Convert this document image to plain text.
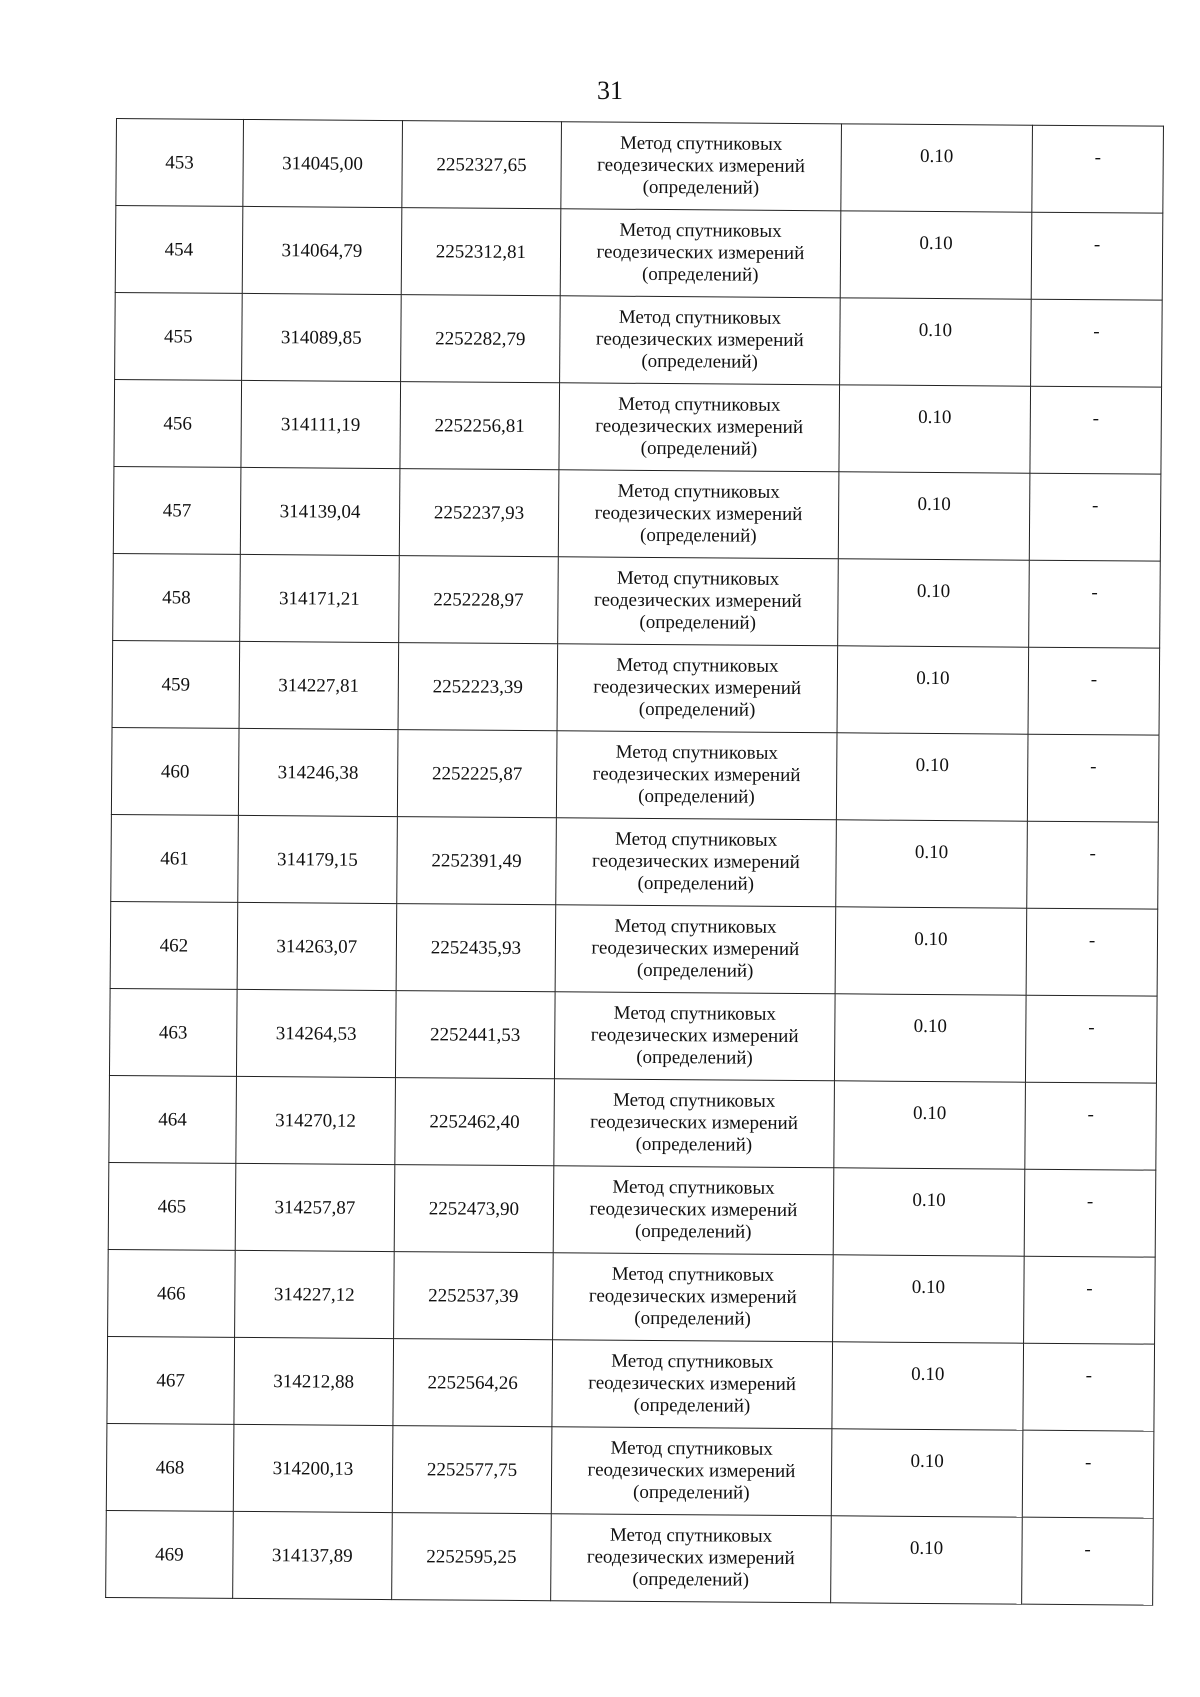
31
453	314045,00	2252327,65	Метод спутниковых
геодезических измерений
(определений)	0.10	-
454	314064,79	2252312,81	Метод спутниковых
геодезических измерений
(определений)	0.10	-
455	314089,85	2252282,79	Метод спутниковых
геодезических измерений
(определений)	0.10	-
456	314111,19	2252256,81	Метод спутниковых
геодезических измерений
(определений)	0.10	-
457	314139,04	2252237,93	Метод спутниковых
геодезических измерений
(определений)	0.10	-
458	314171,21	2252228,97	Метод спутниковых
геодезических измерений
(определений)	0.10	-
459	314227,81	2252223,39	Метод спутниковых
геодезических измерений
(определений)	0.10	-
460	314246,38	2252225,87	Метод спутниковых
геодезических измерений
(определений)	0.10	-
461	314179,15	2252391,49	Метод спутниковых
геодезических измерений
(определений)	0.10	-
462	314263,07	2252435,93	Метод спутниковых
геодезических измерений
(определений)	0.10	-
463	314264,53	2252441,53	Метод спутниковых
геодезических измерений
(определений)	0.10	-
464	314270,12	2252462,40	Метод спутниковых
геодезических измерений
(определений)	0.10	-
465	314257,87	2252473,90	Метод спутниковых
геодезических измерений
(определений)	0.10	-
466	314227,12	2252537,39	Метод спутниковых
геодезических измерений
(определений)	0.10	-
467	314212,88	2252564,26	Метод спутниковых
геодезических измерений
(определений)	0.10	-
468	314200,13	2252577,75	Метод спутниковых
геодезических измерений
(определений)	0.10	-
469	314137,89	2252595,25	Метод спутниковых
геодезических измерений
(определений)	0.10	-
